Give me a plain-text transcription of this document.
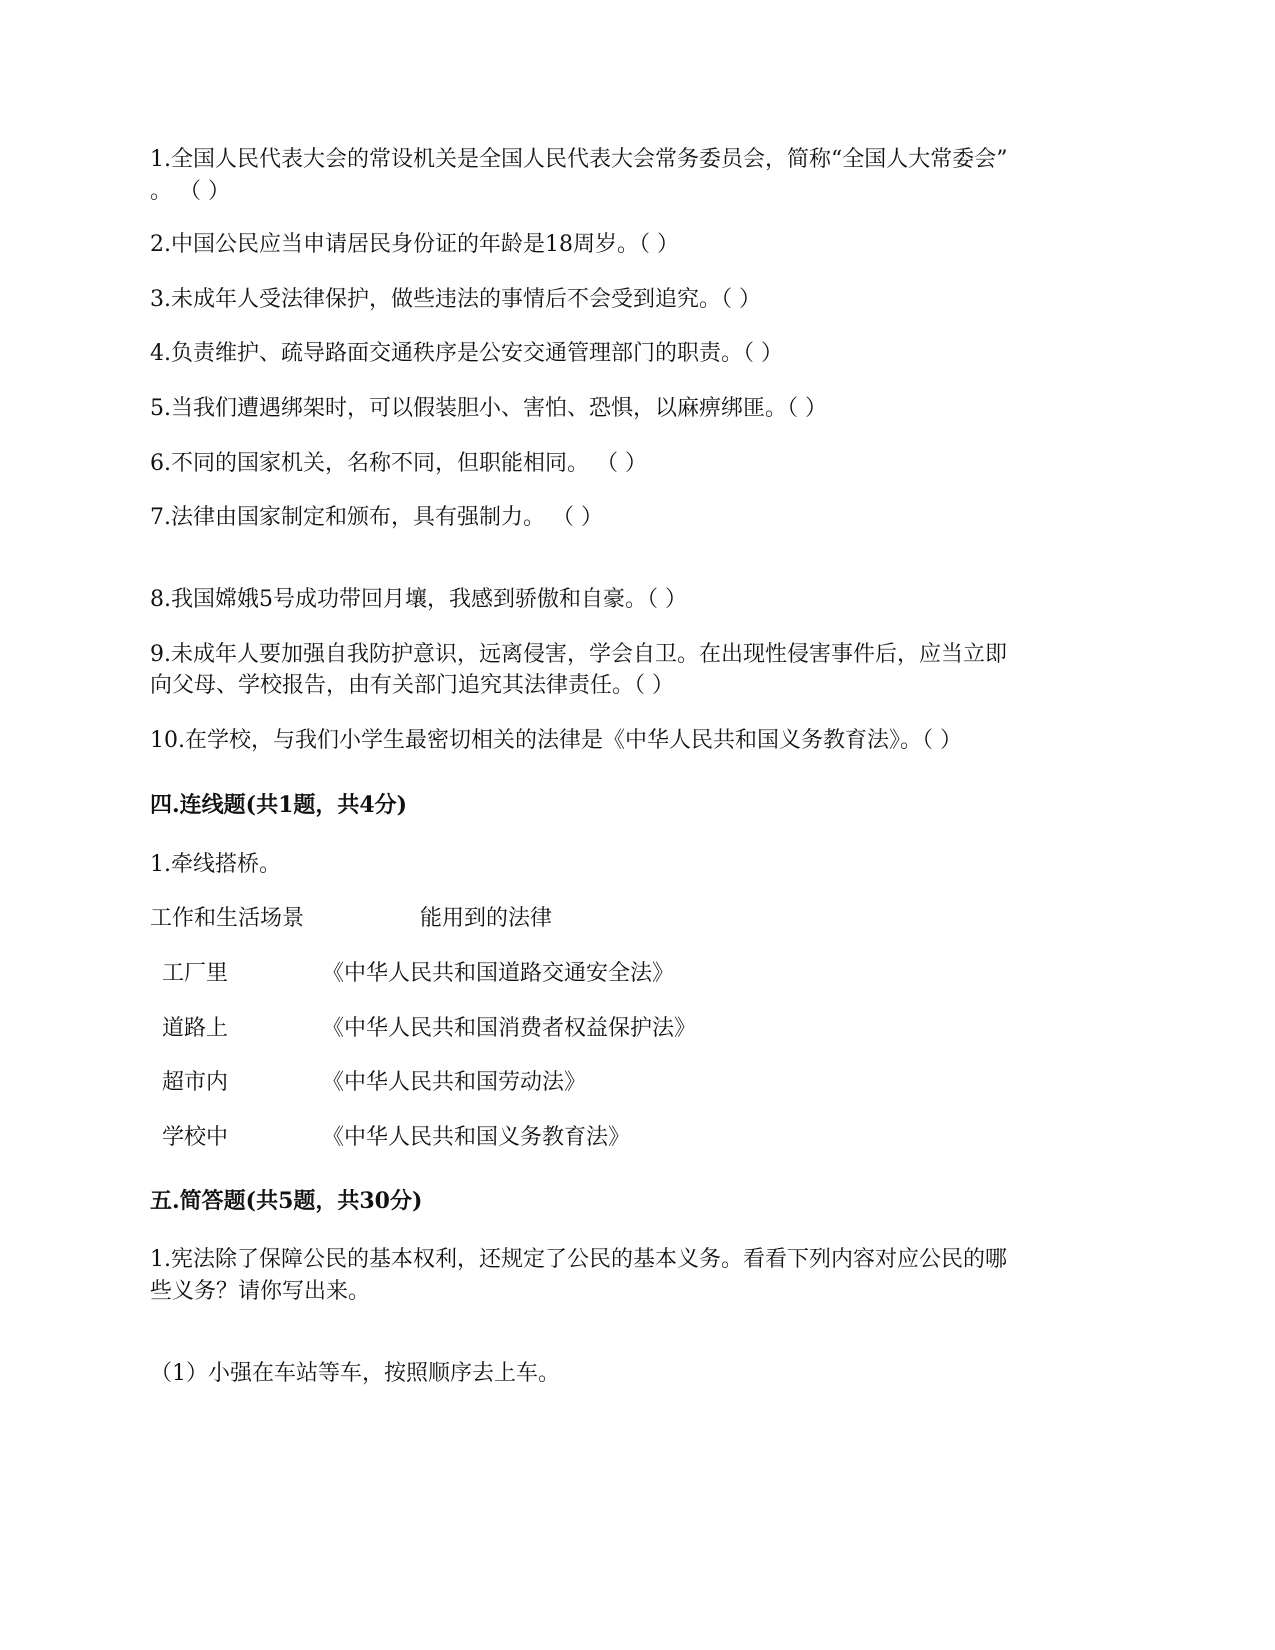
1.全国人民代表大会的常设机关是全国人民代表大会常务委员会，简称“全国人大常委会”
。 （ ）
2.中国公民应当申请居民身份证的年龄是18周岁。（ ）
3.未成年人受法律保护，做些违法的事情后不会受到追究。（ ）
4.负责维护、疏导路面交通秩序是公安交通管理部门的职责。（ ）
5.当我们遭遇绑架时，可以假装胆小、害怕、恐惧，以麻痹绑匪。（ ）
6.不同的国家机关，名称不同，但职能相同。 （ ）
7.法律由国家制定和颁布，具有强制力。 （ ）
8.我国嫦娥5号成功带回月壤，我感到骄傲和自豪。（ ）
9.未成年人要加强自我防护意识，远离侵害，学会自卫。在出现性侵害事件后，应当立即
向父母、学校报告，由有关部门追究其法律责任。（ ）
10.在学校，与我们小学生最密切相关的法律是《中华人民共和国义务教育法》。（ ）
四.连线题(共1题，共4分)
1.牵线搭桥。
工作和生活场景	能用到的法律
工厂里	《中华人民共和国道路交通安全法》
道路上	《中华人民共和国消费者权益保护法》
超市内	《中华人民共和国劳动法》
学校中	《中华人民共和国义务教育法》
五.简答题(共5题，共30分)
1.宪法除了保障公民的基本权利，还规定了公民的基本义务。看看下列内容对应公民的哪
些义务？请你写出来。
（1）小强在车站等车，按照顺序去上车。
